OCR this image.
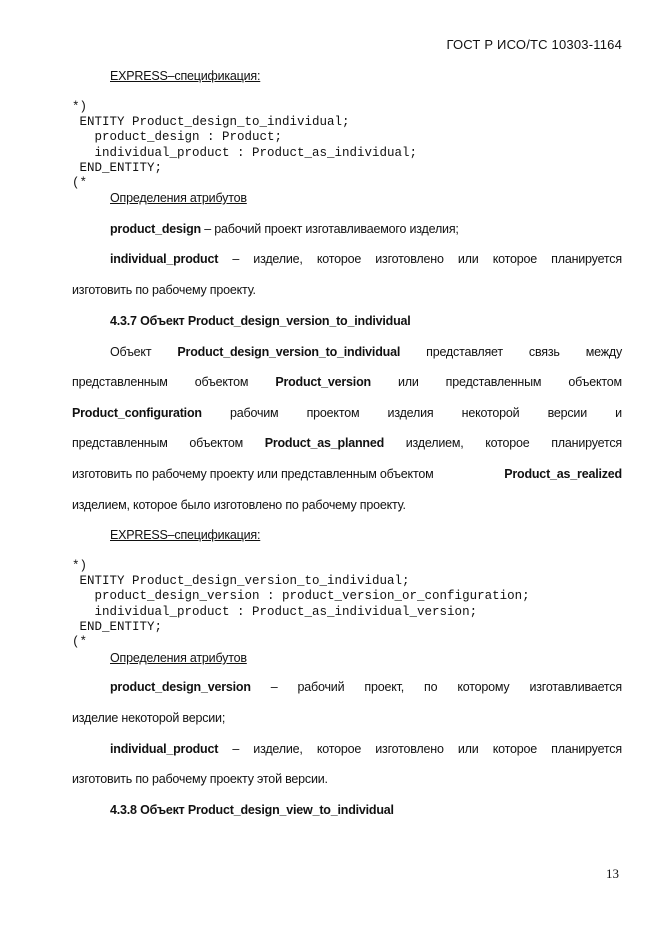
ГОСТ Р ИСО/ТС 10303-1164
EXPRESS–спецификация:
*)
ENTITY Product_design_to_individual;
product_design : Product;
individual_product : Product_as_individual;
END_ENTITY;
(*
Определения атрибутов
product_design – рабочий проект изготавливаемого изделия;
individual_product – изделие, которое изготовлено или которое планируется
изготовить по рабочему проекту.
4.3.7 Объект Product_design_version_to_individual
Объект Product_design_version_to_individual представляет связь между
представленным объектом Product_version или представленным объектом
Product_configuration рабочим проектом изделия некоторой версии и
представленным объектом Product_as_planned изделием, которое планируется
изготовить по рабочему проекту или представленным объектом	Product_as_realized
изделием, которое было изготовлено по рабочему проекту.
EXPRESS–спецификация:
*)
ENTITY Product_design_version_to_individual;
product_design_version : product_version_or_configuration;
individual_product : Product_as_individual_version;
END_ENTITY;
(*
Определения атрибутов
product_design_version – рабочий проект, по которому изготавливается
изделие некоторой версии;
individual_product – изделие, которое изготовлено или которое планируется
изготовить по рабочему проекту этой версии.
4.3.8 Объект Product_design_view_to_individual
13
